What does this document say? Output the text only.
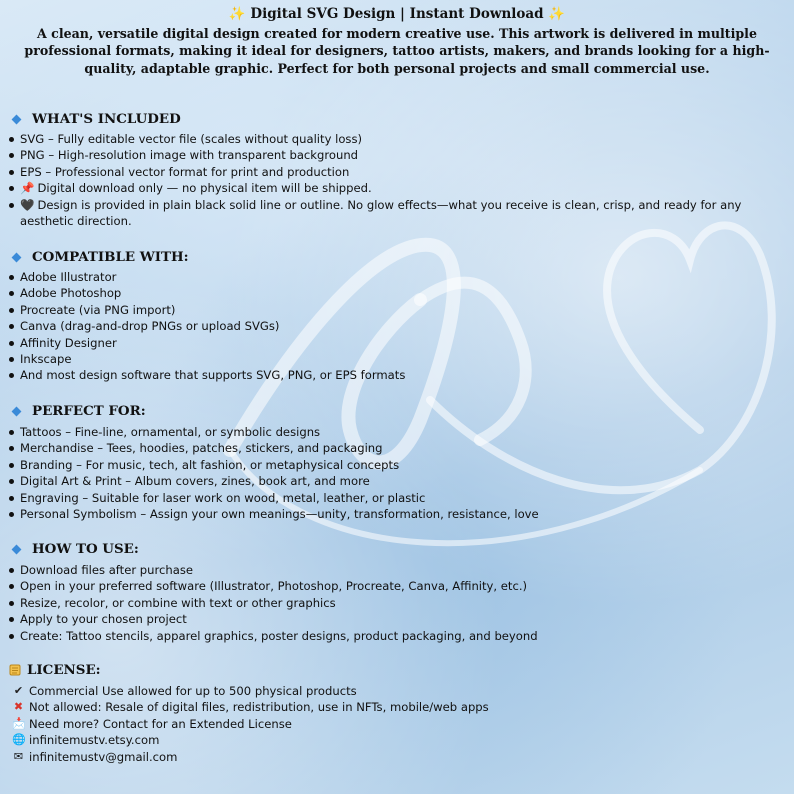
✨ Digital SVG Design | Instant Download ✨
A clean, versatile digital design created for modern creative use. This artwork is delivered in multiple professional formats, making it ideal for designers, tattoo artists, makers, and brands looking for a high-quality, adaptable graphic. Perfect for both personal projects and small commercial use.
WHAT'S INCLUDED
SVG – Fully editable vector file (scales without quality loss)
PNG – High-resolution image with transparent background
EPS – Professional vector format for print and production
📌 Digital download only — no physical item will be shipped.
🖤 Design is provided in plain black solid line or outline. No glow effects—what you receive is clean, crisp, and ready for any aesthetic direction.
COMPATIBLE WITH:
Adobe Illustrator
Adobe Photoshop
Procreate (via PNG import)
Canva (drag-and-drop PNGs or upload SVGs)
Affinity Designer
Inkscape
And most design software that supports SVG, PNG, or EPS formats
PERFECT FOR:
Tattoos – Fine-line, ornamental, or symbolic designs
Merchandise – Tees, hoodies, patches, stickers, and packaging
Branding – For music, tech, alt fashion, or metaphysical concepts
Digital Art & Print – Album covers, zines, book art, and more
Engraving – Suitable for laser work on wood, metal, leather, or plastic
Personal Symbolism – Assign your own meanings—unity, transformation, resistance, love
HOW TO USE:
Download files after purchase
Open in your preferred software (Illustrator, Photoshop, Procreate, Canva, Affinity, etc.)
Resize, recolor, or combine with text or other graphics
Apply to your chosen project
Create: Tattoo stencils, apparel graphics, poster designs, product packaging, and beyond
LICENSE:
✔ Commercial Use allowed for up to 500 physical products
✖ Not allowed: Resale of digital files, redistribution, use in NFTs, mobile/web apps
📩 Need more? Contact for an Extended License
🌐 infinitemustv.etsy.com
✉ infinitemustv@gmail.com
